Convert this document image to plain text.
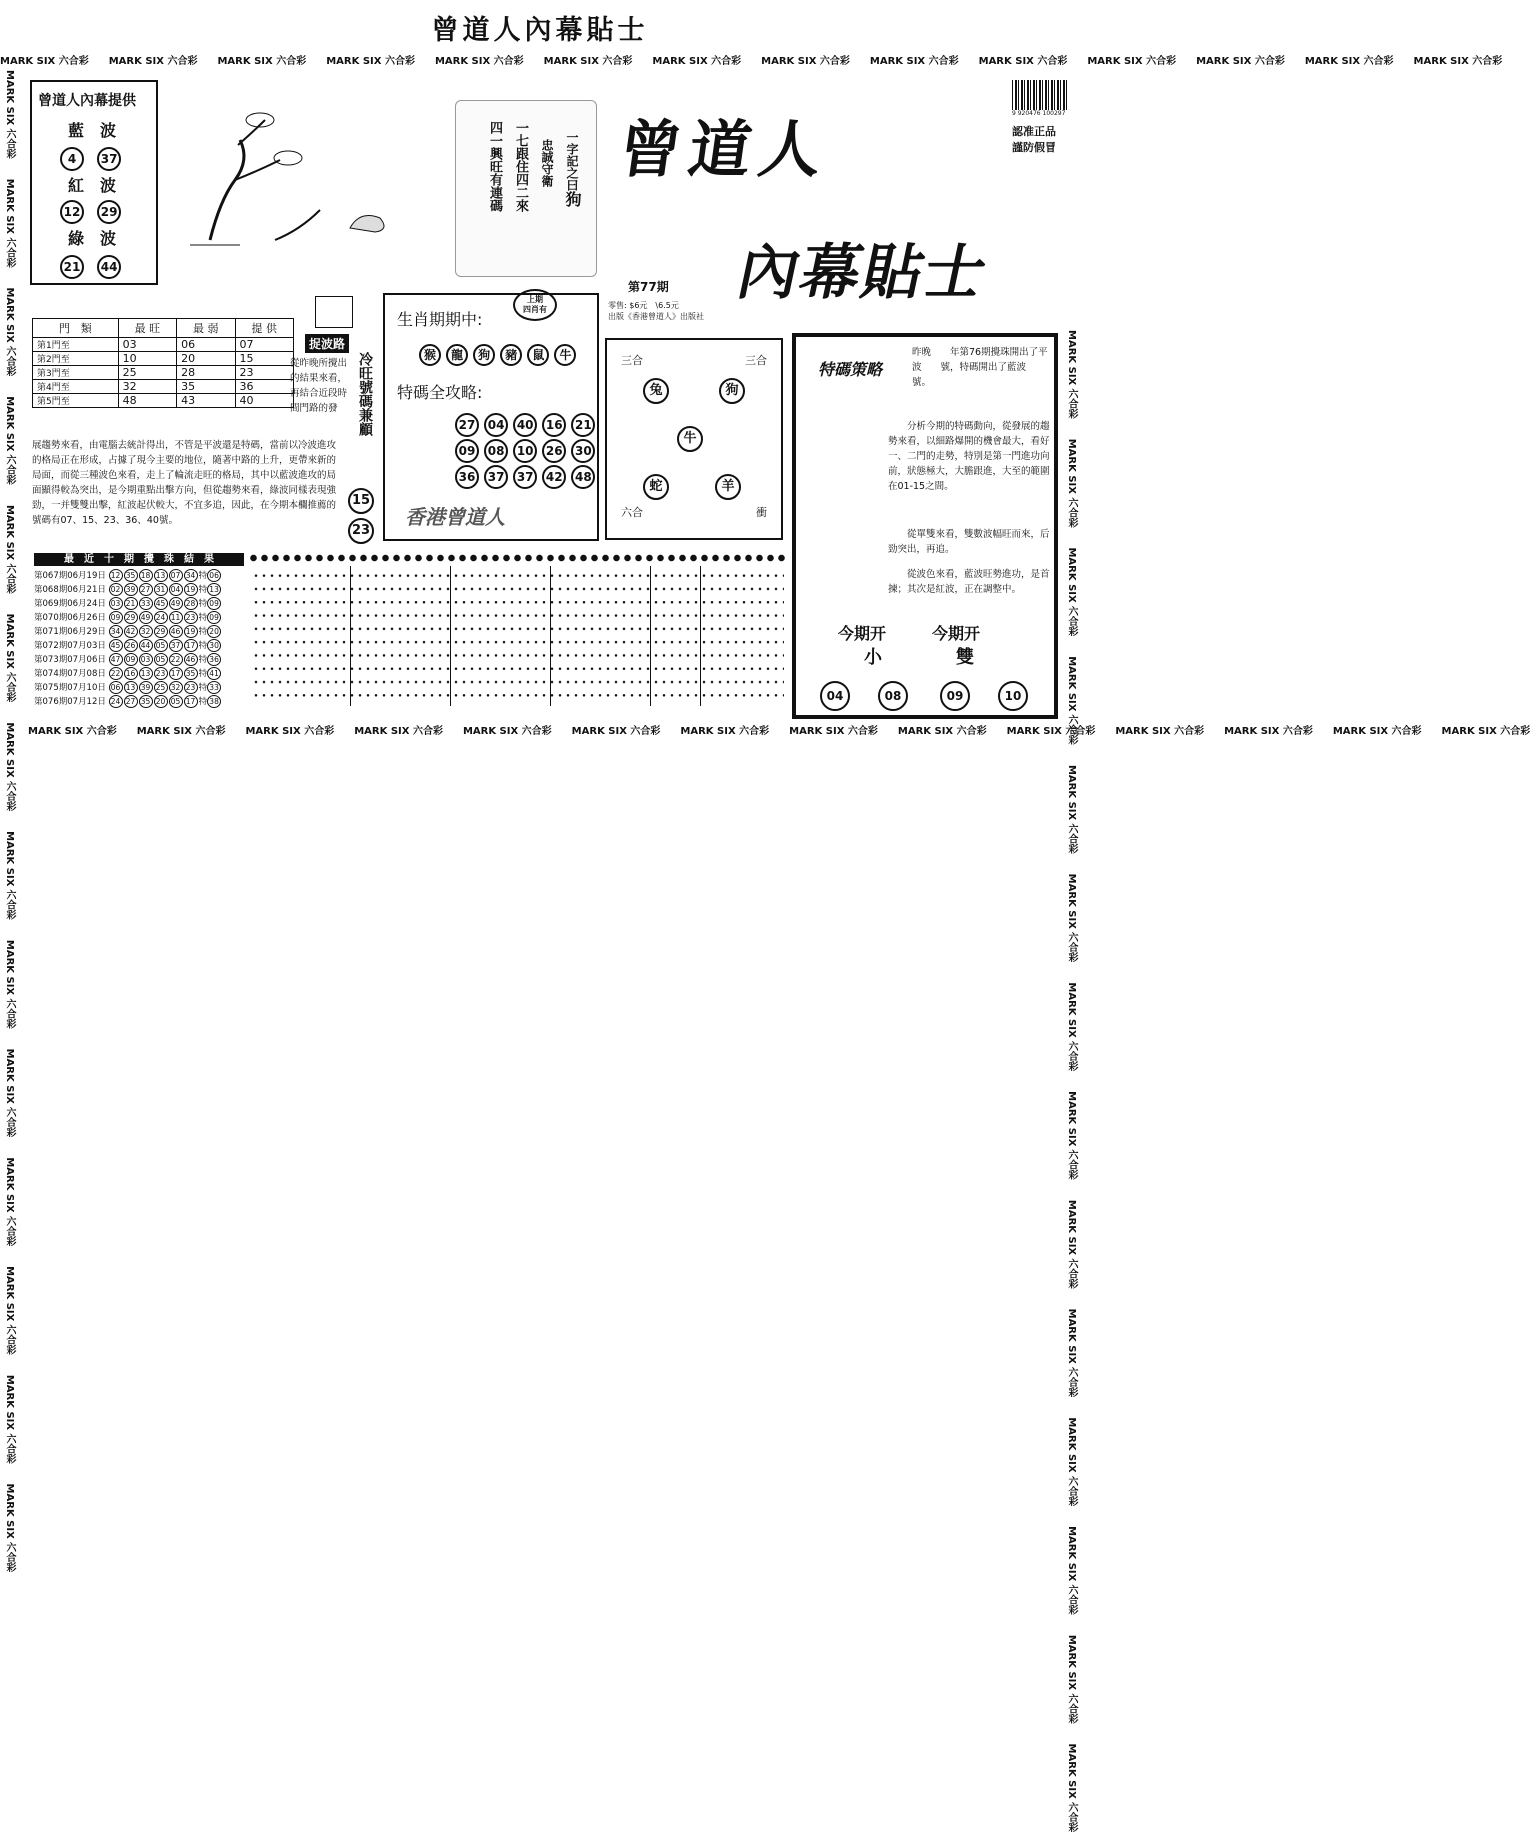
曾道人內幕貼士
MARK SIX 六合彩　　MARK SIX 六合彩　　MARK SIX 六合彩　　MARK SIX 六合彩　　MARK SIX 六合彩　　MARK SIX 六合彩　　MARK SIX 六合彩　　MARK SIX 六合彩　　MARK SIX 六合彩　　MARK SIX 六合彩　　MARK SIX 六合彩　　MARK SIX 六合彩　　MARK SIX 六合彩　　MARK SIX 六合彩
MARK SIX 六合彩　　MARK SIX 六合彩　　MARK SIX 六合彩　　MARK SIX 六合彩　　MARK SIX 六合彩　　MARK SIX 六合彩　　MARK SIX 六合彩　　MARK SIX 六合彩　　MARK SIX 六合彩　　MARK SIX 六合彩　　MARK SIX 六合彩　　MARK SIX 六合彩　　MARK SIX 六合彩　　MARK SIX 六合彩
MARK SIX 六合彩　　MARK SIX 六合彩　　MARK SIX 六合彩　　MARK SIX 六合彩　　MARK SIX 六合彩　　MARK SIX 六合彩　　MARK SIX 六合彩　　MARK SIX 六合彩　　MARK SIX 六合彩　　MARK SIX 六合彩　　MARK SIX 六合彩　　MARK SIX 六合彩　　MARK SIX 六合彩　　MARK SIX 六合彩	MARK SIX 六合彩　　MARK SIX 六合彩　　MARK SIX 六合彩　　MARK SIX 六合彩　　MARK SIX 六合彩　　MARK SIX 六合彩　　MARK SIX 六合彩　　MARK SIX 六合彩　　MARK SIX 六合彩　　MARK SIX 六合彩　　MARK SIX 六合彩　　MARK SIX 六合彩　　MARK SIX 六合彩　　MARK SIX 六合彩
曾道人內幕提供
藍　波
4 37
紅　波
12 29
綠　波
21 44
一字記之曰狗
忠誠守衛
一七跟住四二來
四一興旺有連碼
9 920476 100297
認准正品
謹防假冒
曾道人
內幕貼士
第77期
零售: $6元　\6.5元
出版《香港曾道人》出版社
門　類	最 旺	最 弱	提 供
第1門至	03	06	07
第2門至	10	20	15
第3門至	25	28	23
第4門至	32	35	36
第5門至	48	43	40
捉波路
從昨晚所攪出的結果來看，再結合近段時間門路的發	冷旺號碼兼顧
展趨勢來看，由電腦去統計得出，不管是平波還是特碼，當前以冷波進攻的格局正在形成，占據了現今主要的地位，隨著中路的上升，更帶來新的局面，而從三種波色來看，走上了輪流走旺的格局，其中以藍波進攻的局面顯得較為突出，是今期重點出擊方向，但從趨勢來看，綠波同樣表現強勁，一并雙雙出擊，紅波起伏較大，不宜多追，因此，在今期本欄推薦的號碼有07、15、23、36、40號。
15
23
生肖期期中:
上期
四肖有
猴 龍 狗 豬 鼠 牛
特碼全攻略:
27 04 40 16 21
09 08 10 26 30
36 37 37 42 48
香港曾道人
三合	三合
六合	衝
兔	狗
牛
蛇	羊
特碼策略
昨晚　　年第76期攪珠開出了平波　　號，特碼開出了藍波　號。
分析今期的特碼動向，從發展的趨勢來看，以細路爆開的機會最大，看好一、二門的走勢，特別是第一門進功向前，狀態極大，大膽跟進，大至的範圍在01-15之間。
從單雙來看，雙數波幅旺而來，后勁突出，再追。
從波色來看，藍波旺勢進功，是首揀；其次是紅波，正在調整中。
今期开
小
今期开
雙
04	08	09	10
最　近　十　期　攪　珠　結　果
第067期06月19日 12 35 18 13 07 34 特 06
第068期06月21日 02 39 27 31 04 19 特 13
第069期06月24日 03 21 33 45 49 28 特 09
第070期06月26日 09 29 49 24 11 23 特 09
第071期06月29日 34 42 32 29 46 19 特 20
第072期07月03日 45 26 44 05 37 17 特 30
第073期07月06日 47 09 03 05 22 46 特 36
第074期07月08日 22 16 13 23 17 35 特 41
第075期07月10日 06 13 39 25 32 23 特 33
第076期07月12日 24 27 35 20 05 17 特 38
